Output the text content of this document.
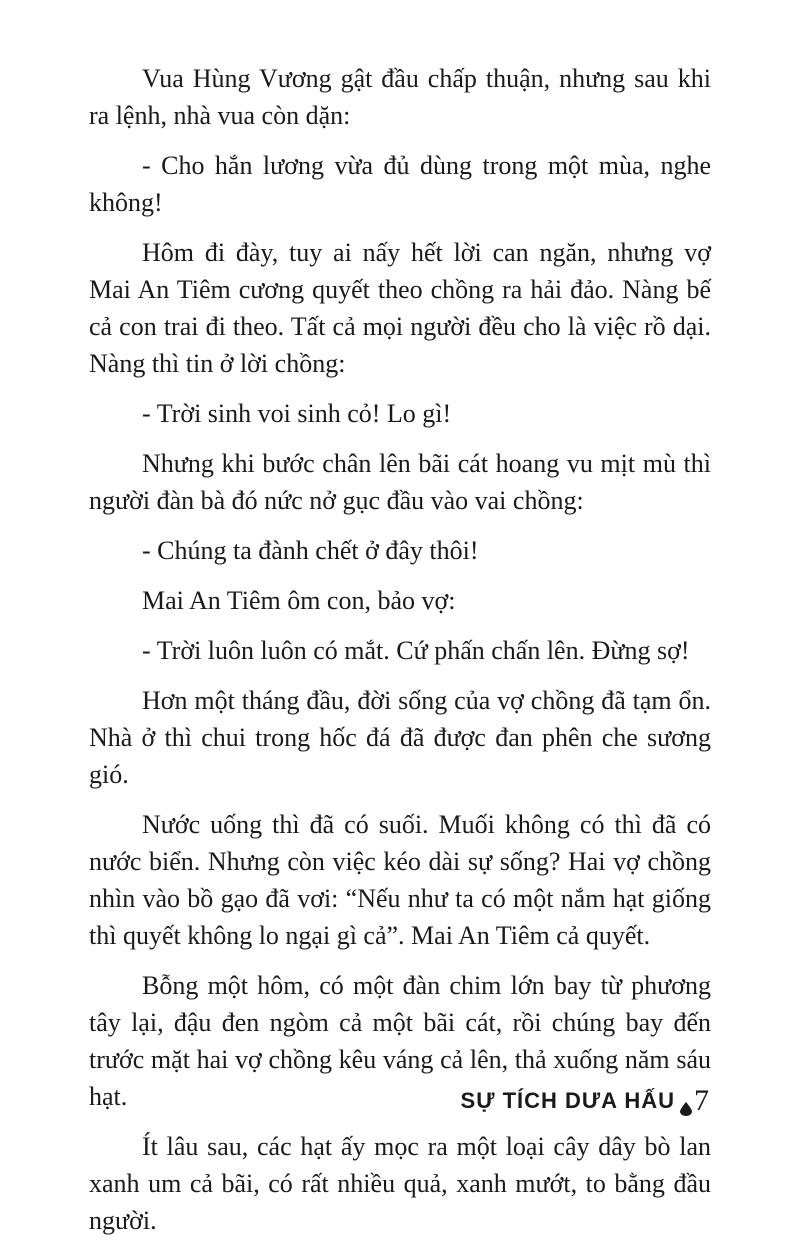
Vua Hùng Vương gật đầu chấp thuận, nhưng sau khi ra lệnh, nhà vua còn dặn:

- Cho hắn lương vừa đủ dùng trong một mùa, nghe không!

Hôm đi đày, tuy ai nấy hết lời can ngăn, nhưng vợ Mai An Tiêm cương quyết theo chồng ra hải đảo. Nàng bế cả con trai đi theo. Tất cả mọi người đều cho là việc rồ dại. Nàng thì tin ở lời chồng:

- Trời sinh voi sinh cỏ! Lo gì!

Nhưng khi bước chân lên bãi cát hoang vu mịt mù thì người đàn bà đó nức nở gục đầu vào vai chồng:

- Chúng ta đành chết ở đây thôi!

Mai An Tiêm ôm con, bảo vợ:

- Trời luôn luôn có mắt. Cứ phấn chấn lên. Đừng sợ!

Hơn một tháng đầu, đời sống của vợ chồng đã tạm ổn. Nhà ở thì chui trong hốc đá đã được đan phên che sương gió.

Nước uống thì đã có suối. Muối không có thì đã có nước biển. Nhưng còn việc kéo dài sự sống? Hai vợ chồng nhìn vào bồ gạo đã vơi: “Nếu như ta có một nắm hạt giống thì quyết không lo ngại gì cả”. Mai An Tiêm cả quyết.

Bỗng một hôm, có một đàn chim lớn bay từ phương tây lại, đậu đen ngòm cả một bãi cát, rồi chúng bay đến trước mặt hai vợ chồng kêu váng cả lên, thả xuống năm sáu hạt.

Ít lâu sau, các hạt ấy mọc ra một loại cây dây bò lan xanh um cả bãi, có rất nhiều quả, xanh mướt, to bằng đầu người.

SỰ TÍCH DƯA HẤU 7
